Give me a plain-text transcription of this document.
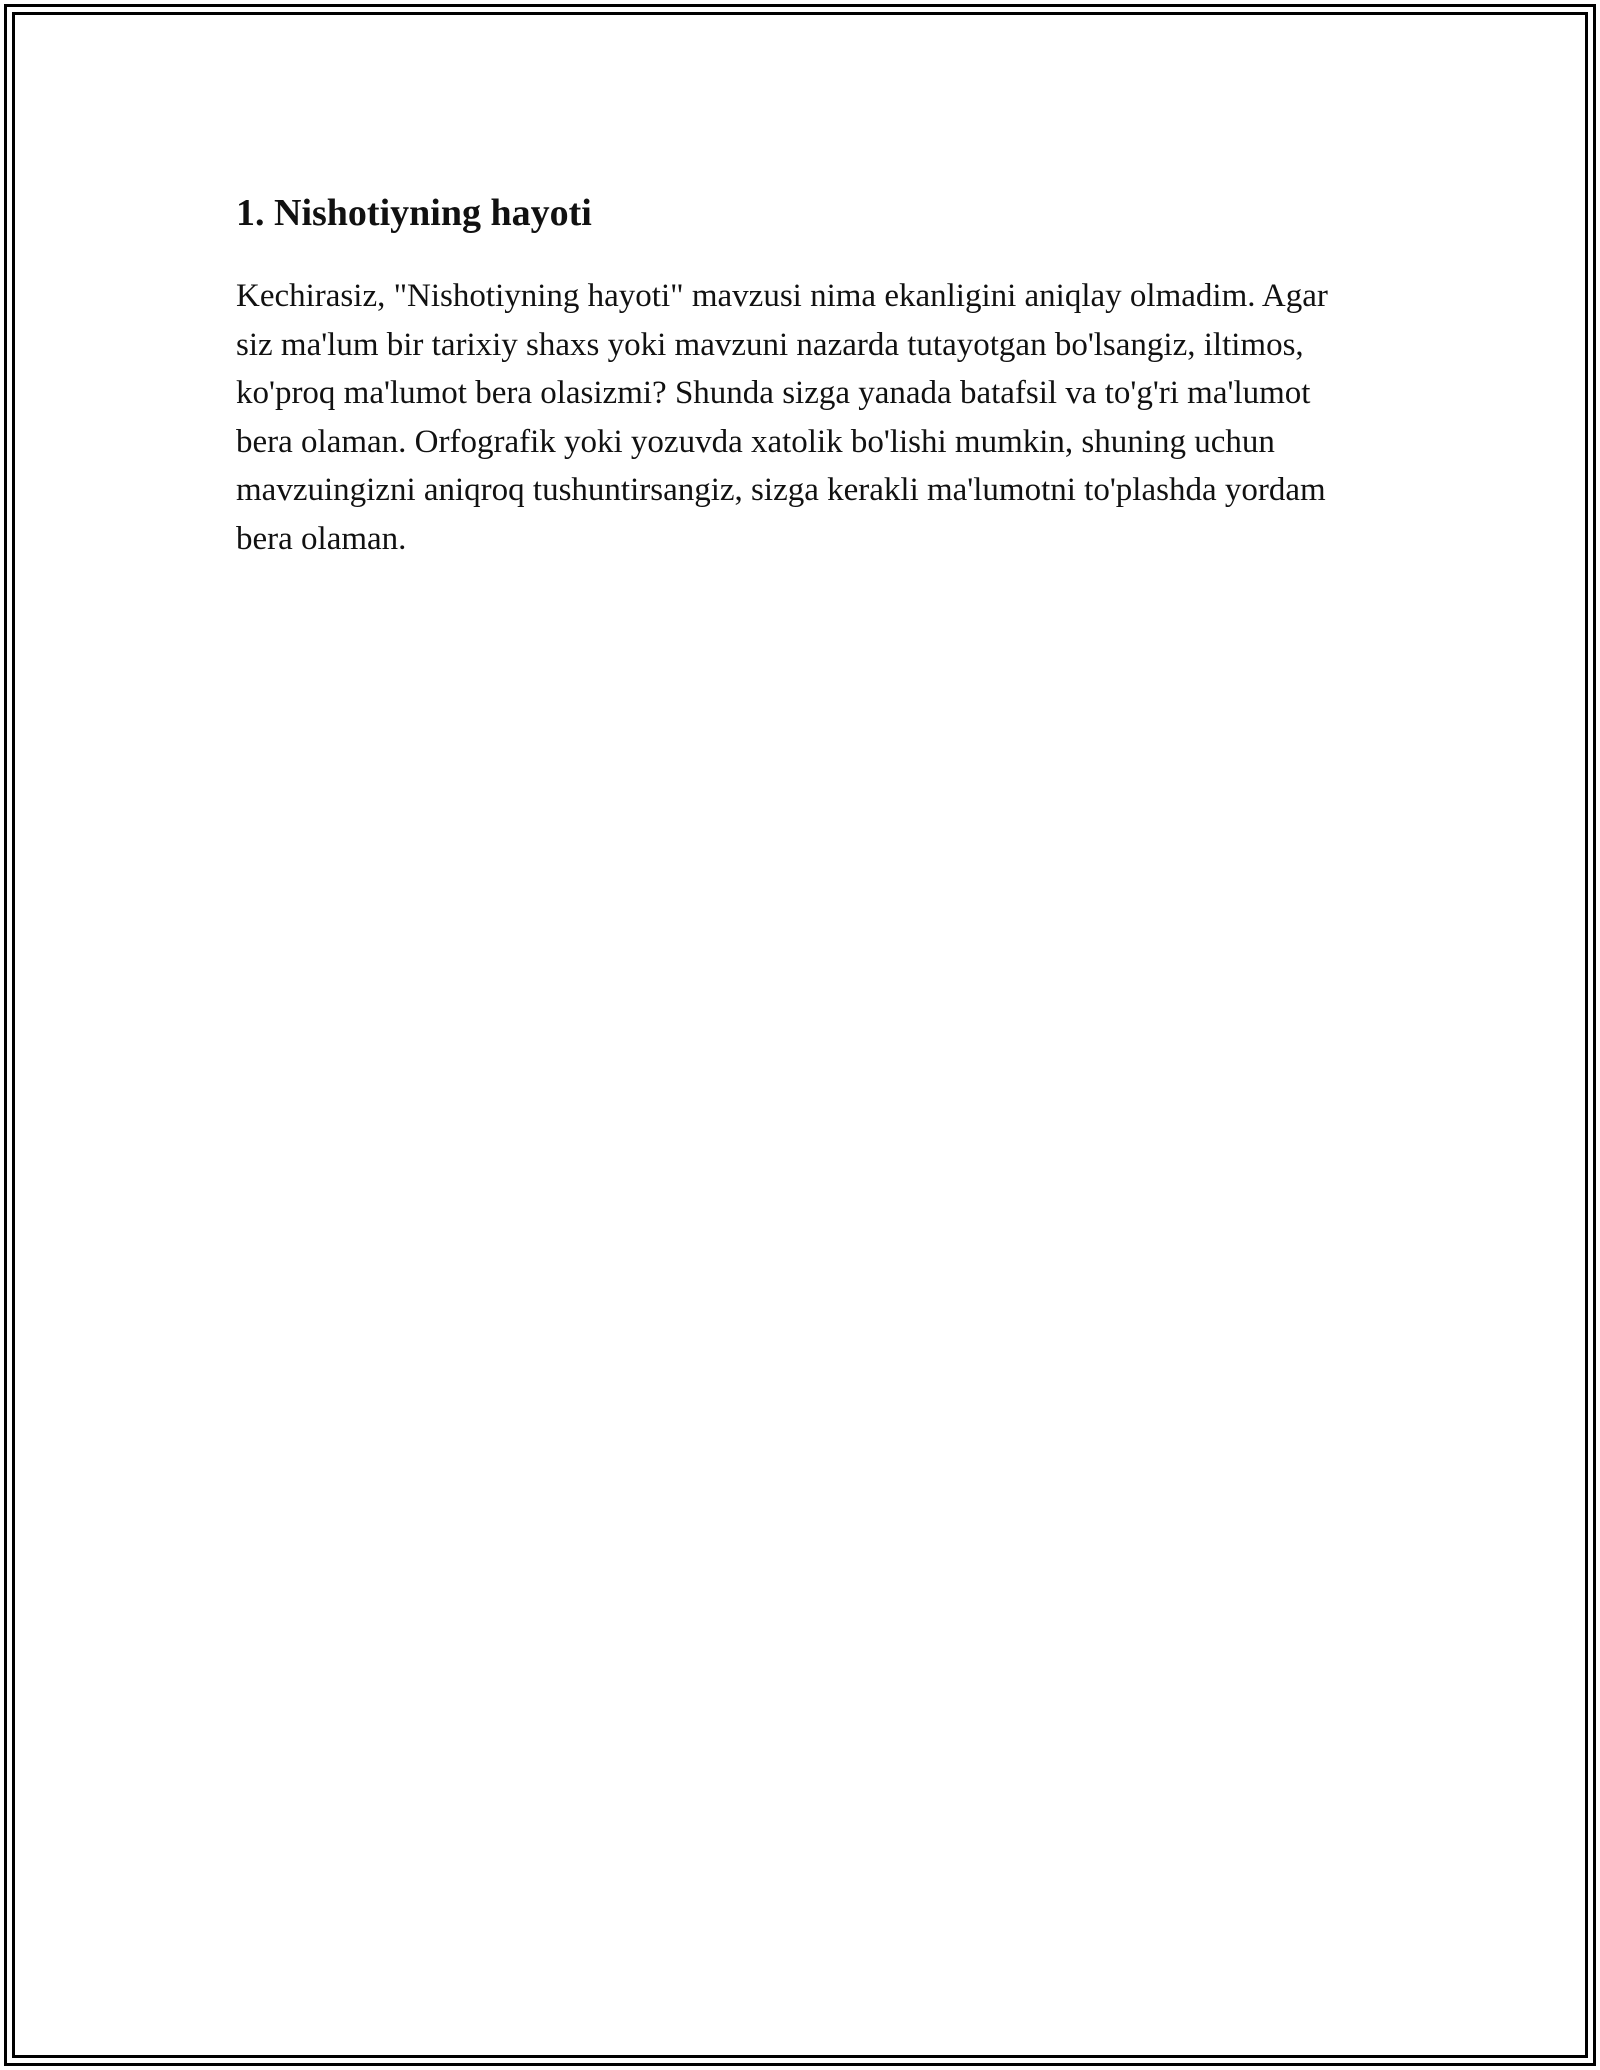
1. Nishotiyning hayoti

Kechirasiz, "Nishotiyning hayoti" mavzusi nima ekanligini aniqlay olmadim. Agar siz ma'lum bir tarixiy shaxs yoki mavzuni nazarda tutayotgan bo'lsangiz, iltimos, ko'proq ma'lumot bera olasizmi? Shunda sizga yanada batafsil va to'g'ri ma'lumot bera olaman. Orfografik yoki yozuvda xatolik bo'lishi mumkin, shuning uchun mavzuingizni aniqroq tushuntirsangiz, sizga kerakli ma'lumotni to'plashda yordam bera olaman.
